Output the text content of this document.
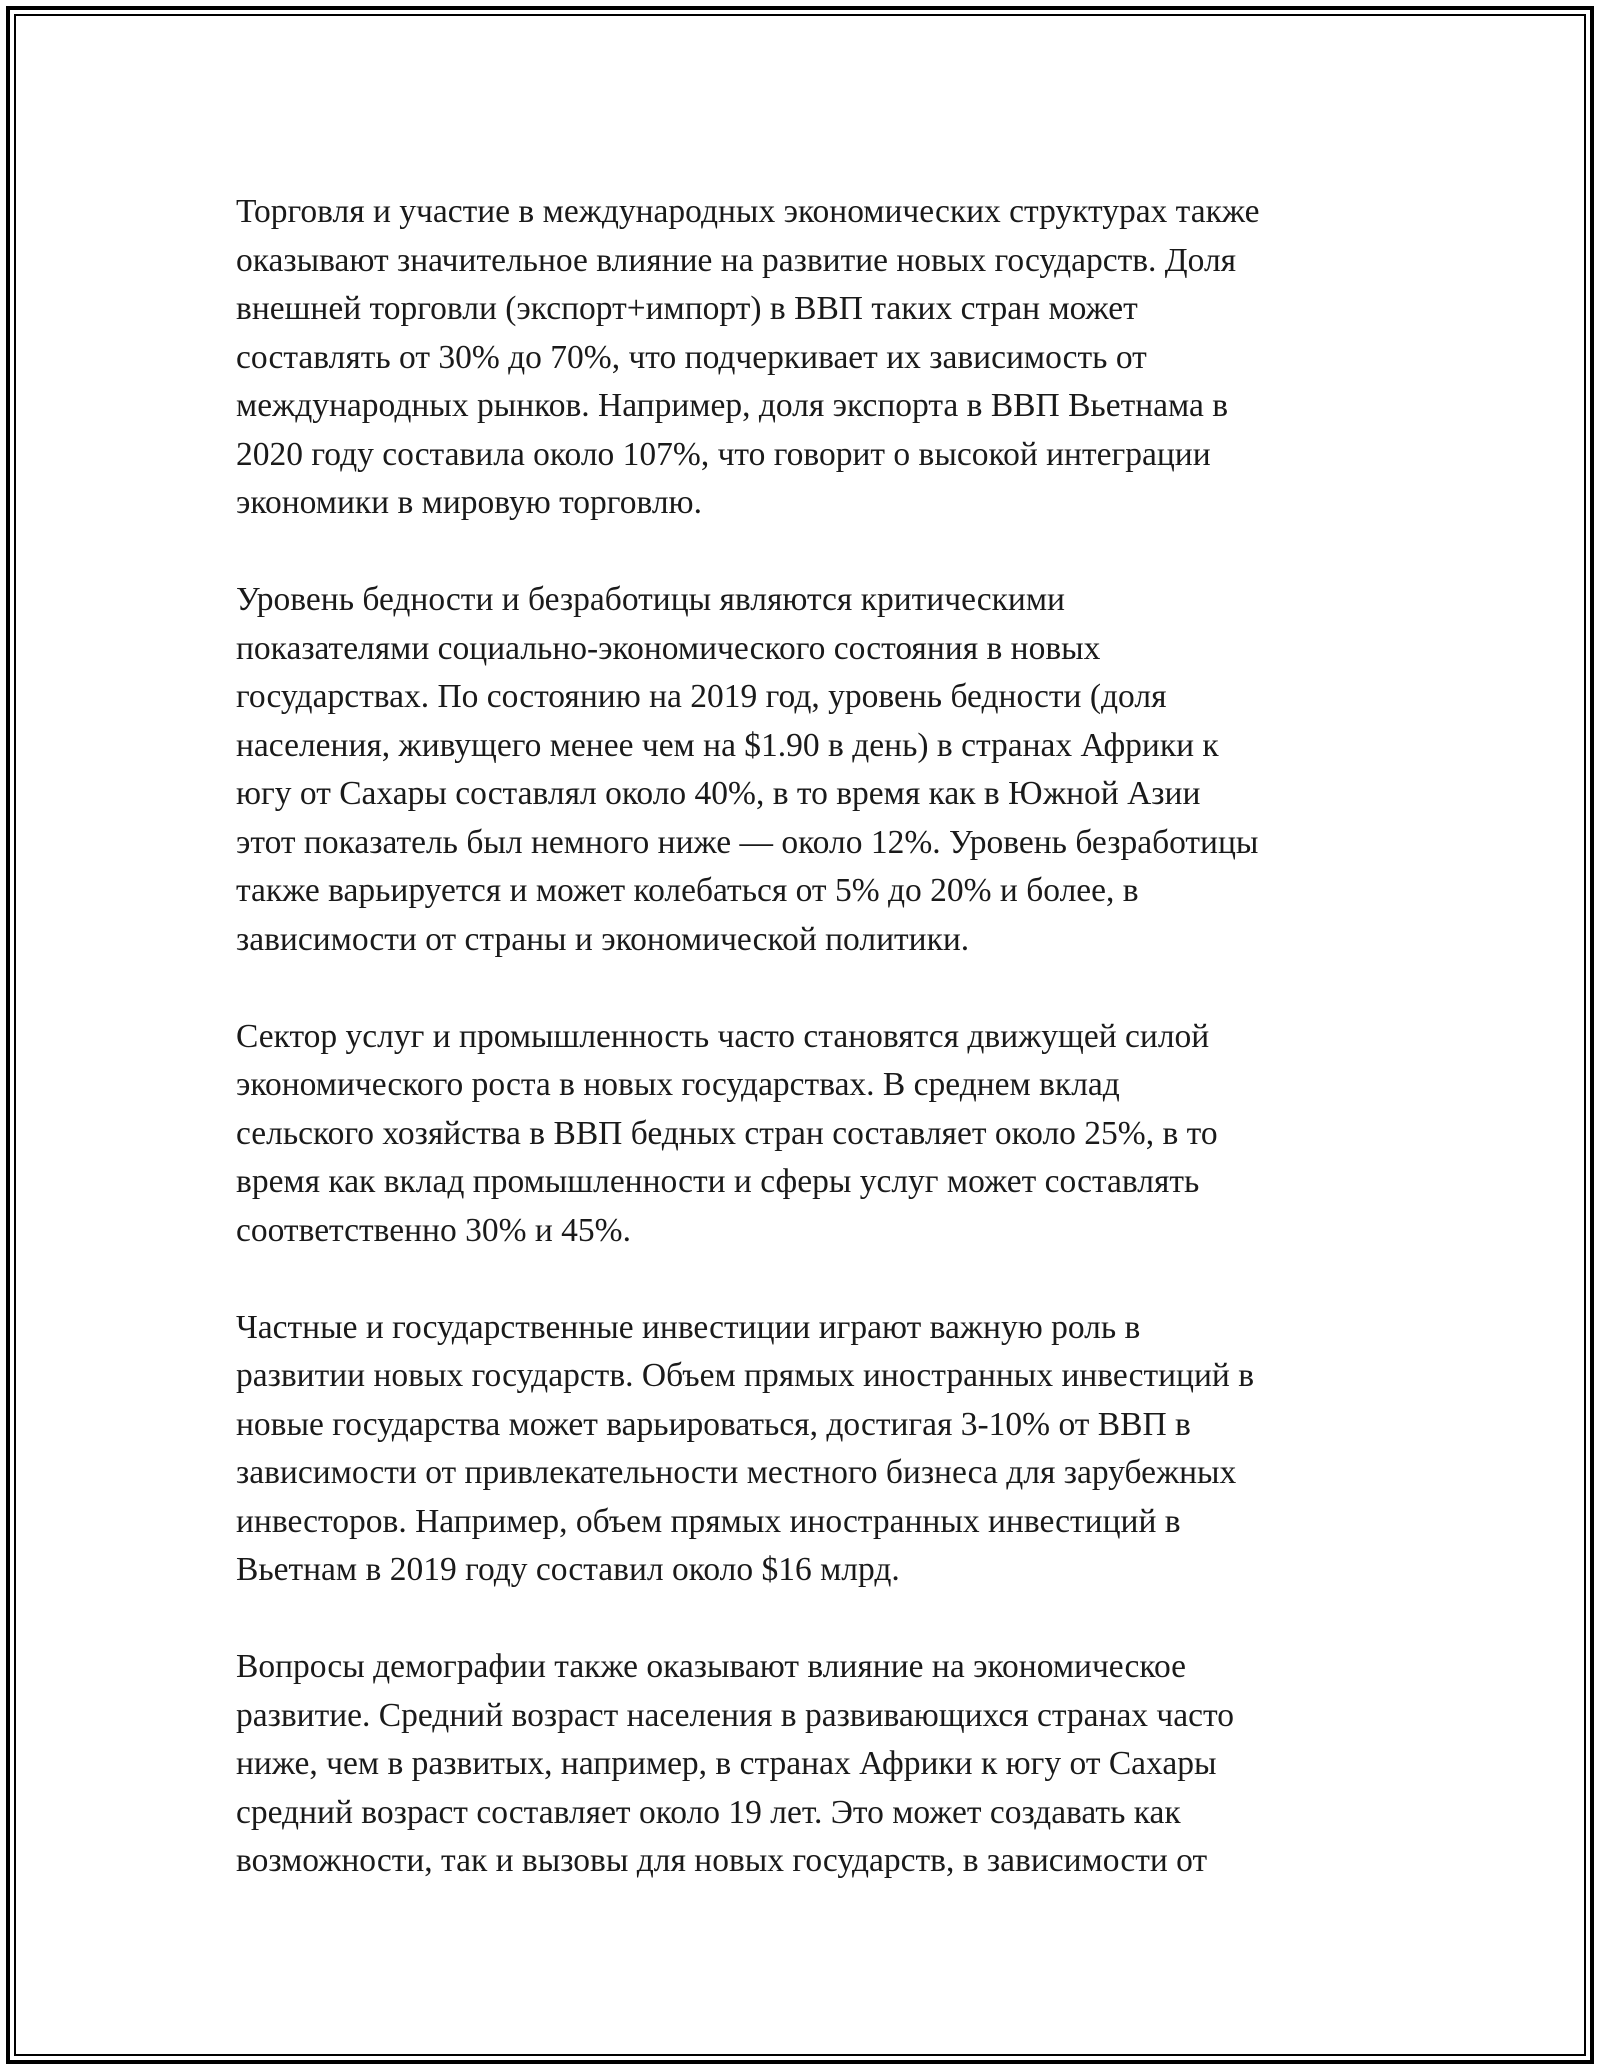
Торговля и участие в международных экономических структурах также
оказывают значительное влияние на развитие новых государств. Доля
внешней торговли (экспорт+импорт) в ВВП таких стран может
составлять от 30% до 70%, что подчеркивает их зависимость от
международных рынков. Например, доля экспорта в ВВП Вьетнама в
2020 году составила около 107%, что говорит о высокой интеграции
экономики в мировую торговлю.

Уровень бедности и безработицы являются критическими
показателями социально-экономического состояния в новых
государствах. По состоянию на 2019 год, уровень бедности (доля
населения, живущего менее чем на $1.90 в день) в странах Африки к
югу от Сахары составлял около 40%, в то время как в Южной Азии
этот показатель был немного ниже — около 12%. Уровень безработицы
также варьируется и может колебаться от 5% до 20% и более, в
зависимости от страны и экономической политики.

Сектор услуг и промышленность часто становятся движущей силой
экономического роста в новых государствах. В среднем вклад
сельского хозяйства в ВВП бедных стран составляет около 25%, в то
время как вклад промышленности и сферы услуг может составлять
соответственно 30% и 45%.

Частные и государственные инвестиции играют важную роль в
развитии новых государств. Объем прямых иностранных инвестиций в
новые государства может варьироваться, достигая 3-10% от ВВП в
зависимости от привлекательности местного бизнеса для зарубежных
инвесторов. Например, объем прямых иностранных инвестиций в
Вьетнам в 2019 году составил около $16 млрд.

Вопросы демографии также оказывают влияние на экономическое
развитие. Средний возраст населения в развивающихся странах часто
ниже, чем в развитых, например, в странах Африки к югу от Сахары
средний возраст составляет около 19 лет. Это может создавать как
возможности, так и вызовы для новых государств, в зависимости от
